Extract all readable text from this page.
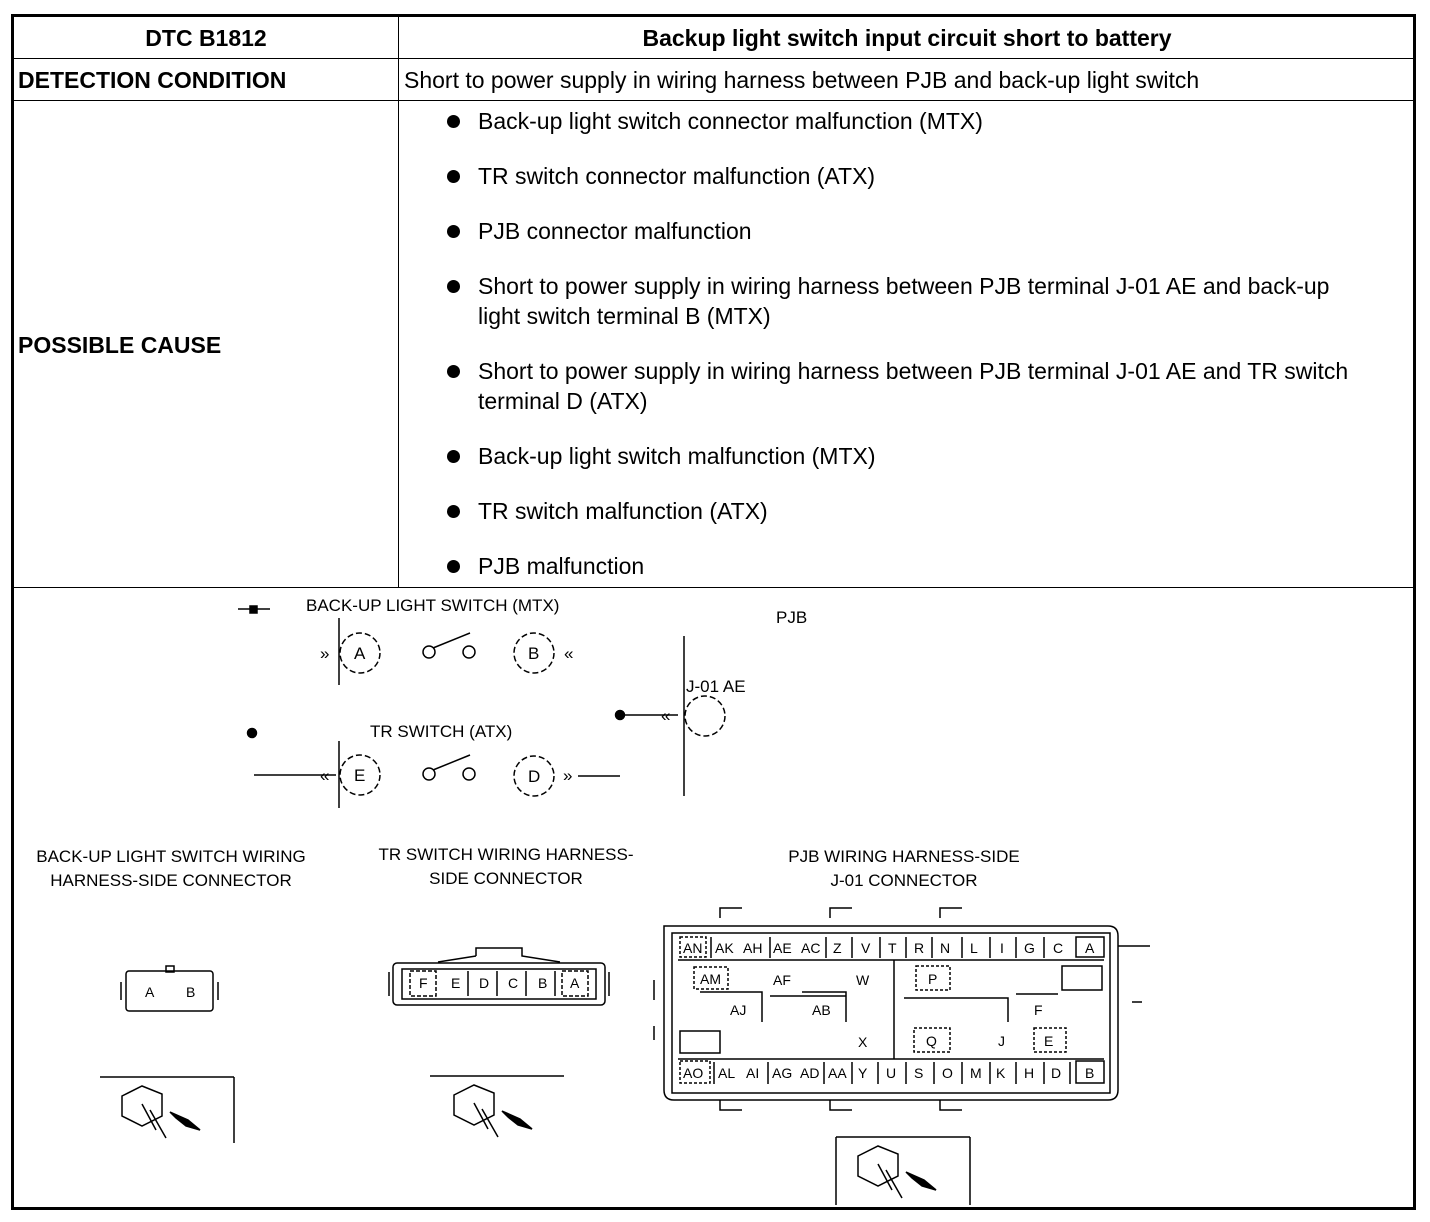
DTC B1812	Backup light switch input circuit short to battery
DETECTION CONDITION	Short to power supply in wiring harness between PJB and back-up light switch
POSSIBLE CAUSE
Back-up light switch connector malfunction (MTX)
TR switch connector malfunction (ATX)
PJB connector malfunction
Short to power supply in wiring harness between PJB terminal J-01 AE and back-up light switch terminal B (MTX)
Short to power supply in wiring harness between PJB terminal J-01 AE and TR switch terminal D (ATX)
Back-up light switch malfunction (MTX)
TR switch malfunction (ATX)
PJB malfunction
»	«
«	»
«
BACK-UP LIGHT SWITCH (MTX)
TR SWITCH (ATX)
PJB
J-01 AE
A	B
E	D
BACK-UP LIGHT SWITCH WIRING
HARNESS-SIDE CONNECTOR
TR SWITCH WIRING HARNESS-
SIDE CONNECTOR
PJB WIRING HARNESS-SIDE
J-01 CONNECTOR
A B
F E D C B A
AN AK AH AE AC Z V T R N L I G C A
AM	AF	W
AJ	AB
X
P
F
Q	J	E
AO AL AI AG AD AA Y U S O M K H D B
